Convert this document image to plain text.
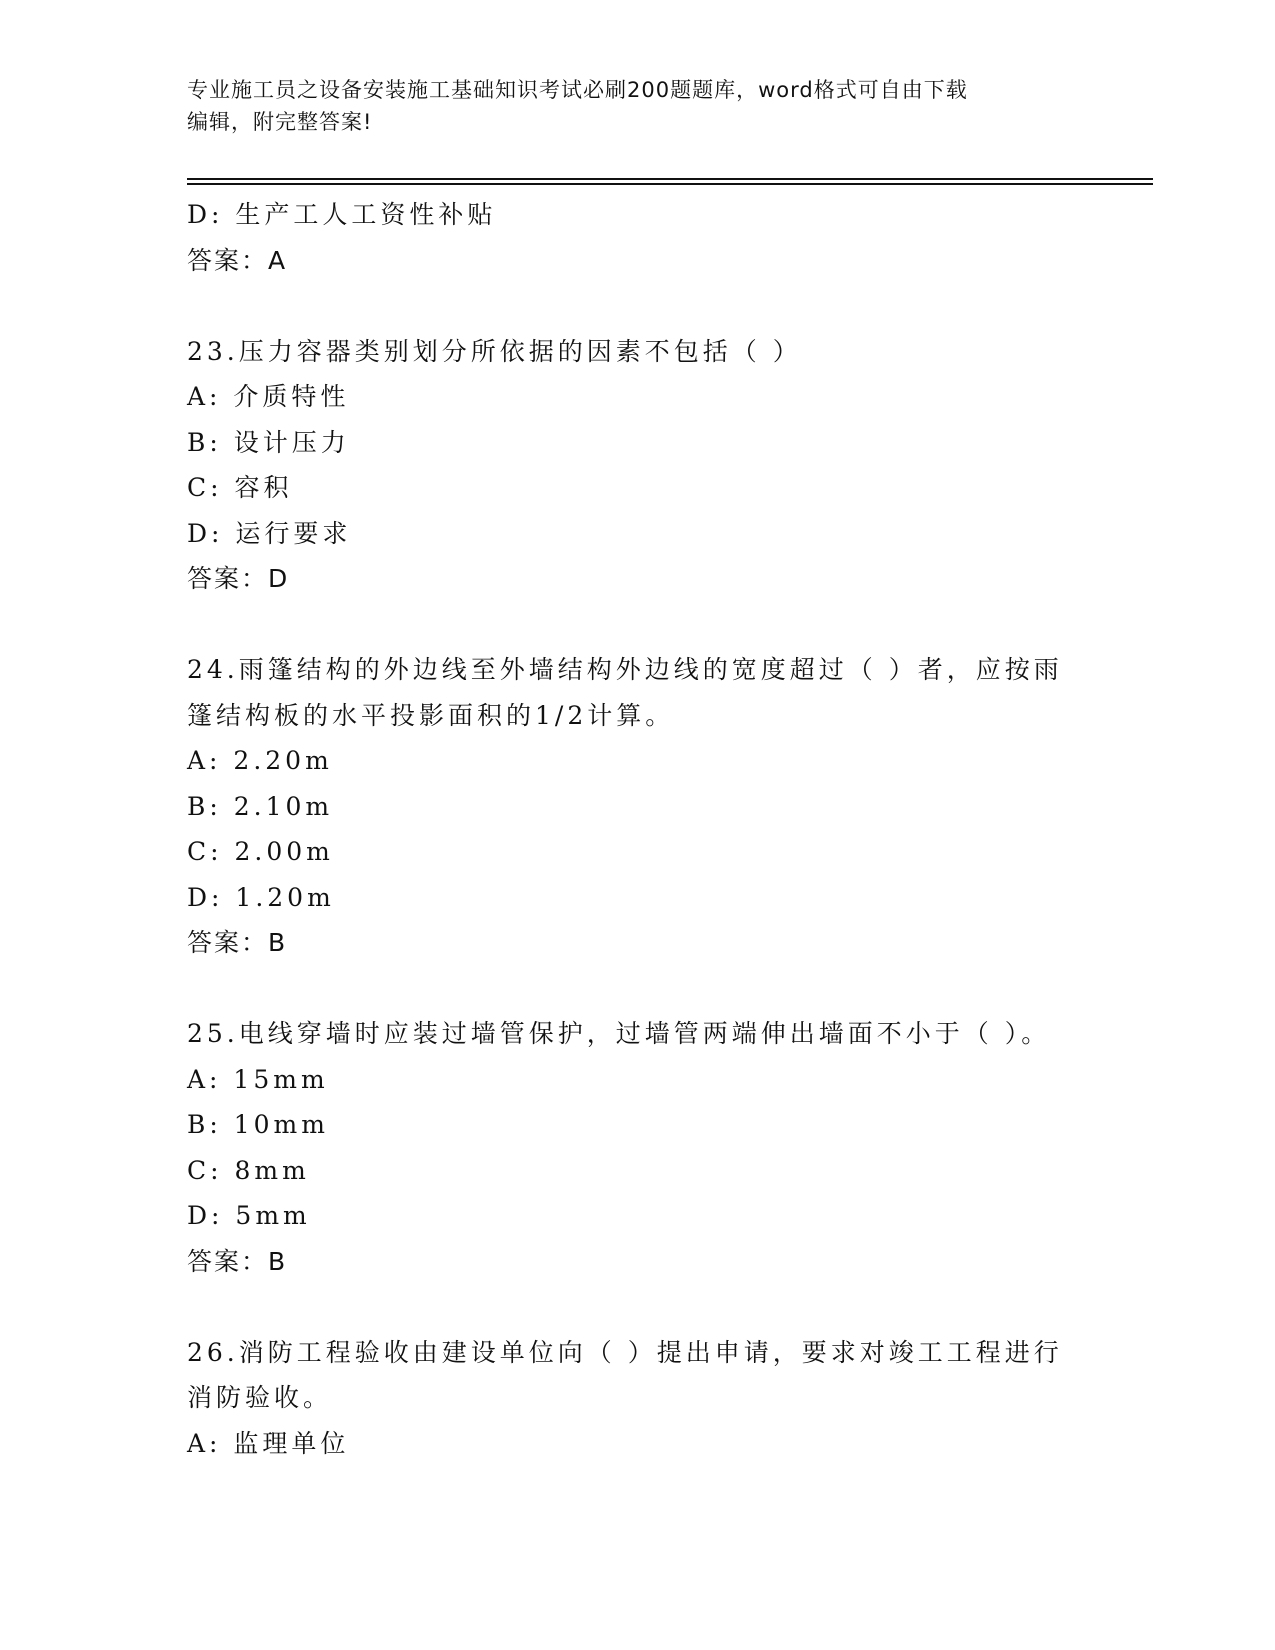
专业施工员之设备安装施工基础知识考试必刷200题题库，word格式可自由下载
编辑，附完整答案!
D: 生产工人工资性补贴
答案：A
23.压力容器类别划分所依据的因素不包括（ ）
A: 介质特性
B: 设计压力
C: 容积
D: 运行要求
答案：D
24.雨篷结构的外边线至外墙结构外边线的宽度超过（ ）者，应按雨
篷结构板的水平投影面积的1/2计算。
A: 2.20m
B: 2.10m
C: 2.00m
D: 1.20m
答案：B
25.电线穿墙时应装过墙管保护，过墙管两端伸出墙面不小于（ ）。
A: 15mm
B: 10mm
C: 8mm
D: 5mm
答案：B
26.消防工程验收由建设单位向（ ）提出申请，要求对竣工工程进行
消防验收。
A: 监理单位
